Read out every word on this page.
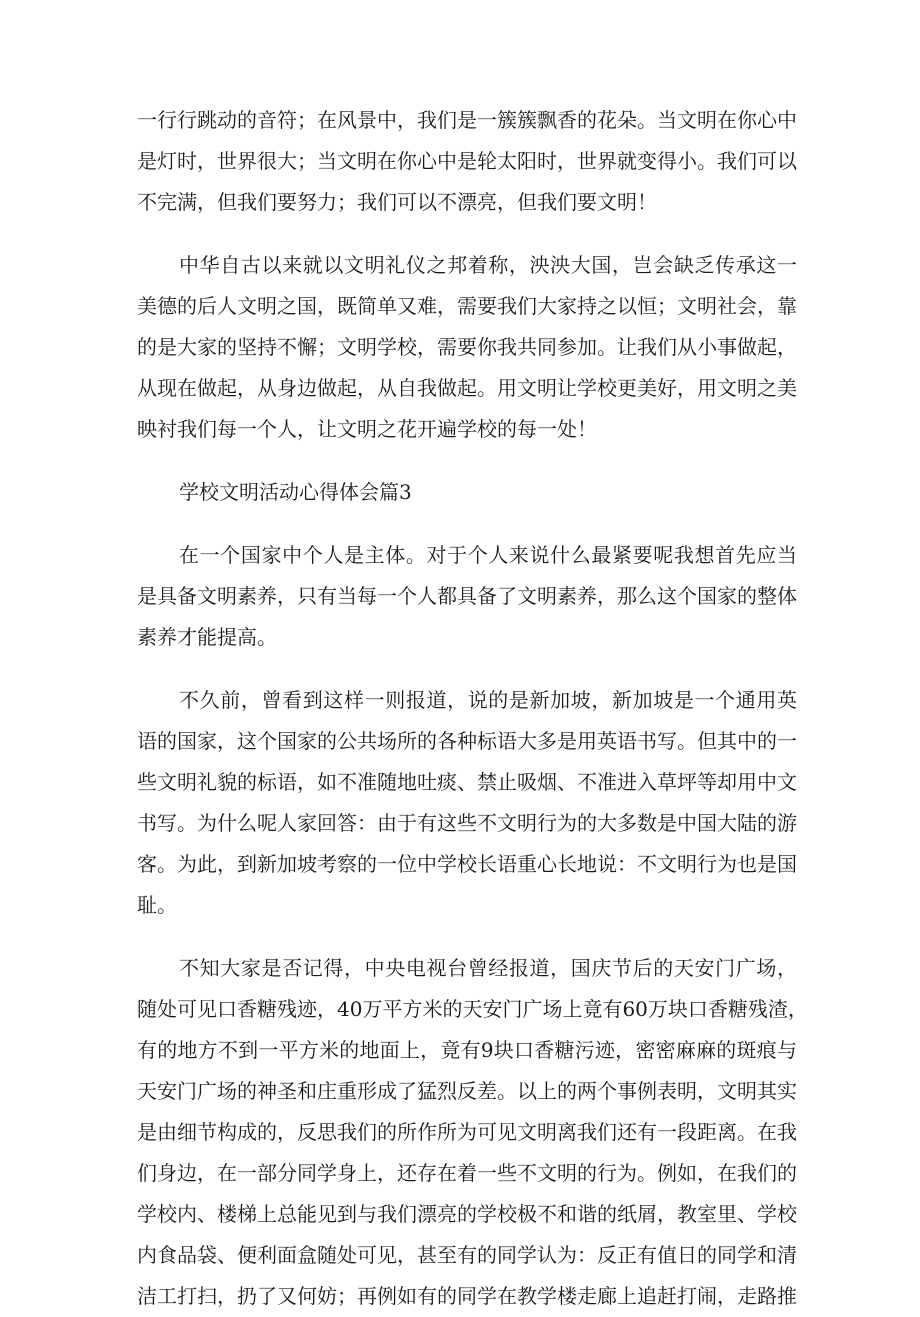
一行行跳动的音符；在风景中，我们是一簇簇飘香的花朵。当文明在你心中
是灯时，世界很大；当文明在你心中是轮太阳时，世界就变得小。我们可以
不完满，但我们要努力；我们可以不漂亮，但我们要文明！
中华自古以来就以文明礼仪之邦着称，泱泱大国，岂会缺乏传承这一
美德的后人文明之国，既简单又难，需要我们大家持之以恒；文明社会，靠
的是大家的坚持不懈；文明学校，需要你我共同参加。让我们从小事做起，
从现在做起，从身边做起，从自我做起。用文明让学校更美好，用文明之美
映衬我们每一个人，让文明之花开遍学校的每一处！
学校文明活动心得体会篇3
在一个国家中个人是主体。对于个人来说什么最紧要呢我想首先应当
是具备文明素养，只有当每一个人都具备了文明素养，那么这个国家的整体
素养才能提高。
不久前，曾看到这样一则报道，说的是新加坡，新加坡是一个通用英
语的国家，这个国家的公共场所的各种标语大多是用英语书写。但其中的一
些文明礼貌的标语，如不准随地吐痰、禁止吸烟、不准进入草坪等却用中文
书写。为什么呢人家回答：由于有这些不文明行为的大多数是中国大陆的游
客。为此，到新加坡考察的一位中学校长语重心长地说：不文明行为也是国
耻。
不知大家是否记得，中央电视台曾经报道，国庆节后的天安门广场，
随处可见口香糖残迹，40万平方米的天安门广场上竟有60万块口香糖残渣，
有的地方不到一平方米的地面上，竟有9块口香糖污迹，密密麻麻的斑痕与
天安门广场的神圣和庄重形成了猛烈反差。以上的两个事例表明，文明其实
是由细节构成的，反思我们的所作所为可见文明离我们还有一段距离。在我
们身边，在一部分同学身上，还存在着一些不文明的行为。例如，在我们的
学校内、楼梯上总能见到与我们漂亮的学校极不和谐的纸屑，教室里、学校
内食品袋、便利面盒随处可见，甚至有的同学认为：反正有值日的同学和清
洁工打扫，扔了又何妨；再例如有的同学在教学楼走廊上追赶打闹，走路推
